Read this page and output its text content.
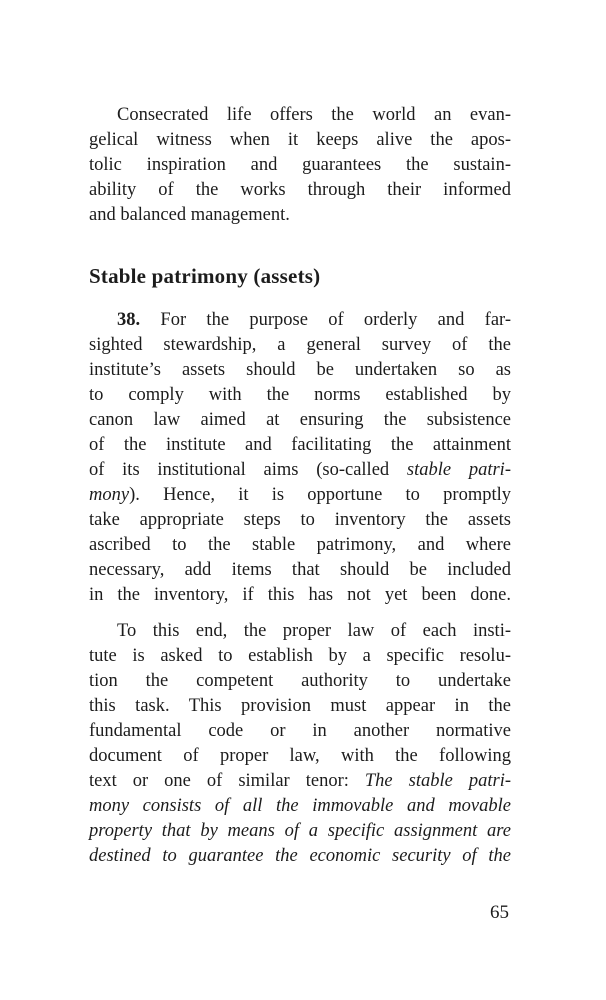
Consecrated life offers the world an evan-
gelical witness when it keeps alive the apos-
tolic inspiration and guarantees the sustain-
ability of the works through their informed
and balanced management.
Stable patrimony (assets)
38. For the purpose of orderly and far-
sighted stewardship, a general survey of the
institute’s assets should be undertaken so as
to comply with the norms established by
canon law aimed at ensuring the subsistence
of the institute and facilitating the attainment
of its institutional aims (so-called stable patri-
mony). Hence, it is opportune to promptly
take appropriate steps to inventory the assets
ascribed to the stable patrimony, and where
necessary, add items that should be included
in the inventory, if this has not yet been done.
To this end, the proper law of each insti-
tute is asked to establish by a specific resolu-
tion the competent authority to undertake
this task. This provision must appear in the
fundamental code or in another normative
document of proper law, with the following
text or one of similar tenor: The stable patri-
mony consists of all the immovable and movable
property that by means of a specific assignment are
destined to guarantee the economic security of the
65
